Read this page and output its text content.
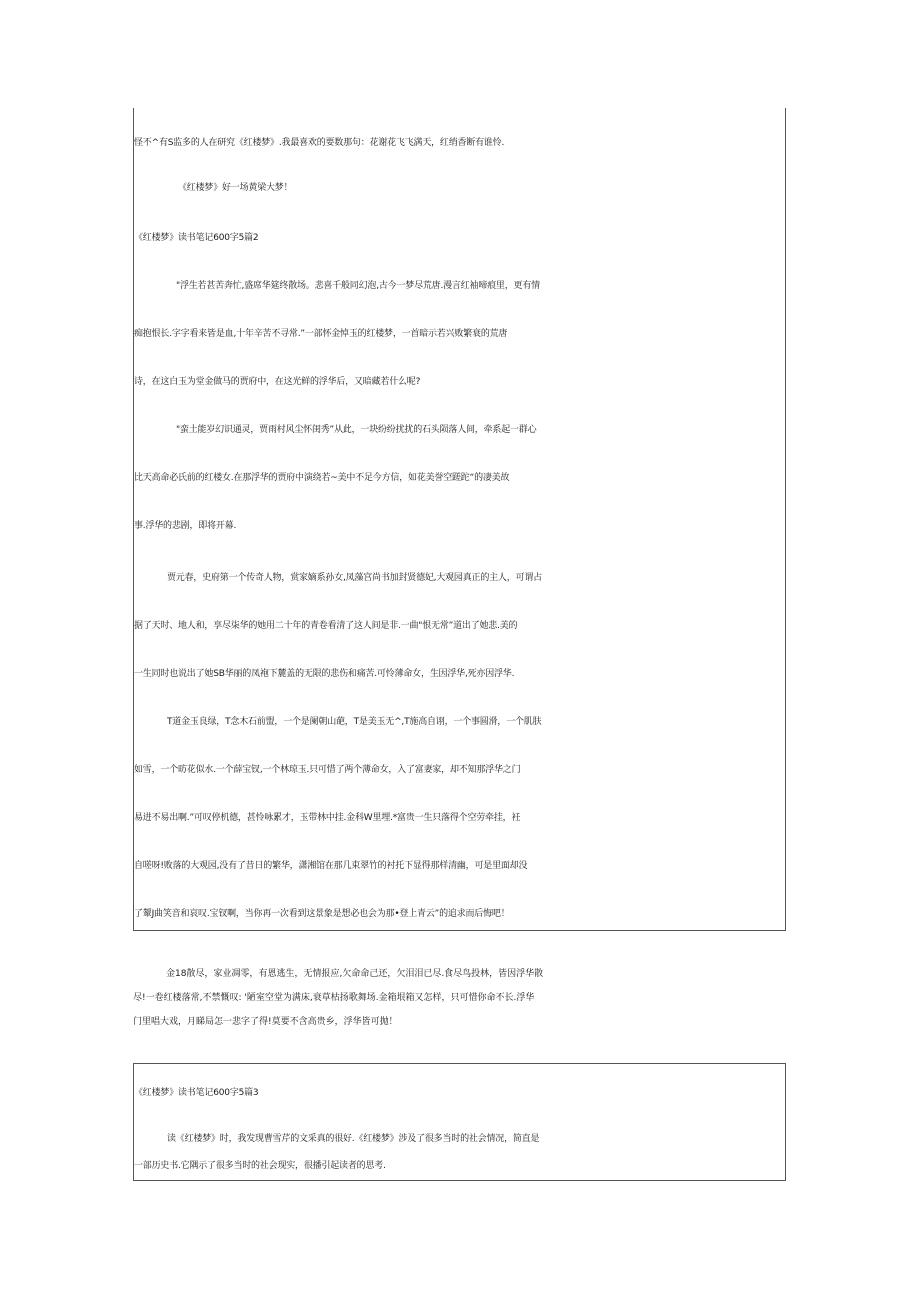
怪不^有S监多的人在研究《红楼梦》.我最喜欢的要数那句：花谢花飞飞满天，红绡香断有谁怜.

《红楼梦》好一场黄梁大梦！

《红楼梦》读书笔记600字5篇2

"浮生若甚苦奔忙,盛席华筵终散场。悲喜千般同幻泡,古今一梦尽荒唐.漫言红袖啼痕里，更有情

痴抱恨长.字字看来皆是血,十年辛苦不寻常.”一部怀金悼玉的红楼梦，一首暗示若兴败繁衰的荒唐

诗，在这白玉为堂金做马的贾府中，在这光鲜的浮华后，又暗藏若什么呢?

"蛮土能岁幻识通灵，贾雨村风尘怀闺秀”从此，一块纷纷扰扰的石头陨落人间，牵系起一群心

比天高命必氏前的红楼女.在那浮华的贾府中演绕若~美中不足今方信，如花美誉空蹉跎“的凄美故

事.浮华的悲剧，即将开幕.

贾元春，史府第一个传奇人物，赏家嫡系孙女,凤藻宫尚书加封贤德妃,大观园真正的主人，可谓占

据了天时、地人和，享尽柒华的她用二十年的青卷看清了这人间是非.一曲"恨无常”道出了她悲.美的

一生同时也说出了她SB华丽的凤袍下麓盖的无限的悲伤和痛苦.可怜薄命女，生因浮华,死亦因浮华.

T道金玉良绿，T念木石前盟，一个是阑朝山葩，T是美玉无^,T施高自诩，一个事圆滑，一个肌肤

如雪，一个昉花似水.一个薛宝钗,一个林琼玉.只可惜了两个薄命女，入了富妻家，却不知那浮华之门

易进不易出啊.”可叹停机德，甚怜咏累才，玉带林中挂.金科W里埋.*富贵一生只落得个空劳牵挂，衽

自嗟呀!败落的大观园,没有了昔日的繁华，潇湘馆在那几束翠竹的衬托下显得那样清幽，可是里面却没

了颦J曲笑音和哀叹.宝钗啊，当你再一次看到这景象是想必也会为那•登上青云”的追求而后悔吧！

金18散尽，家业凋零，有恩逃生，无情报应,欠命命己还，欠泪泪已尽.食尽鸟投林，皆因浮华散

尽!一卷红楼落常,不禁慨叹: '陋室空堂为满床,衰草枯扬歌舞场.金箱垠箱又怎样，只可惜你命不长.浮华

门里唱大戏，月睇局怎一悲字了得!莫要不含高贵乡，浮华皆可抛！

《红楼梦》读书笔记600字5篇3

读《红楼梦》时，我发现曹雪芹的文采真的很好.《红楼梦》涉及了很多当时的社会情况，简直是

一部历史书.它隅示了很多当时的社会现实，很播引起读者的思考.
